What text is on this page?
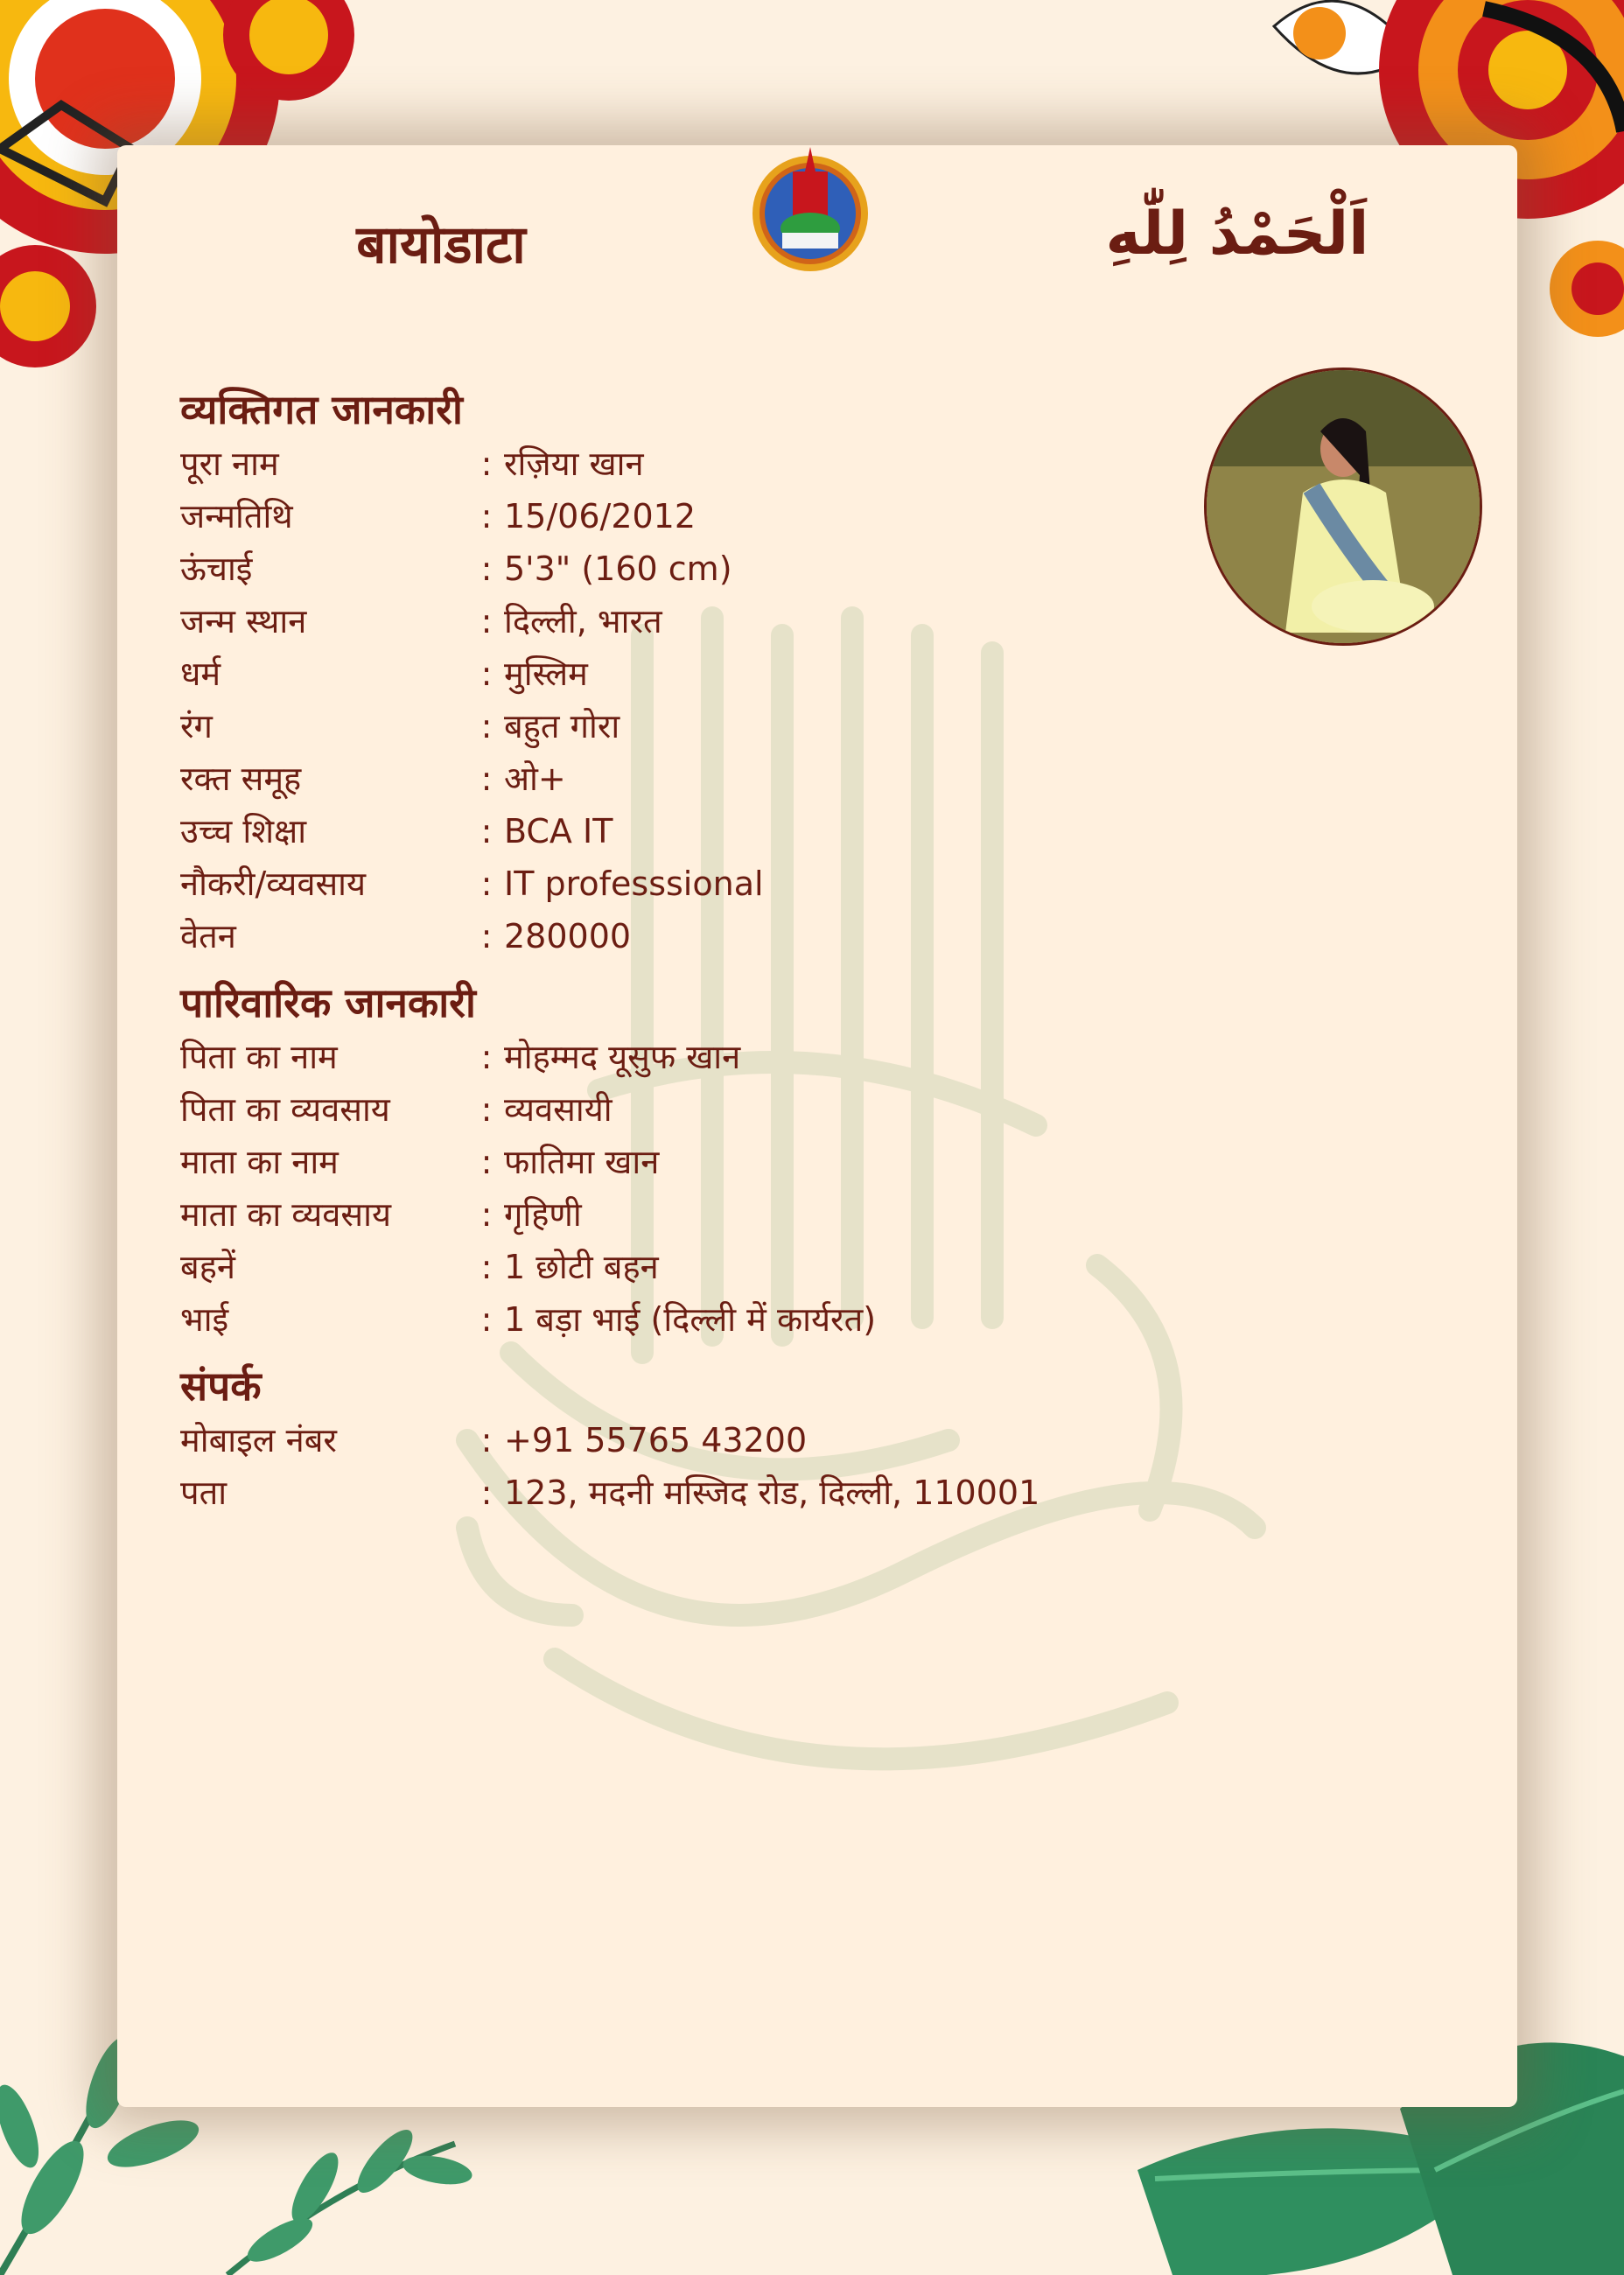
बायोडाटा	اَلْحَمْدُ لِلّٰهِ
व्यक्तिगत जानकारी
पूरा नाम	: रज़िया खान
जन्मतिथि	: 15/06/2012
ऊंचाई	: 5'3" (160 cm)
जन्म स्थान	: दिल्ली, भारत
धर्म	: मुस्लिम
रंग	: बहुत गोरा
रक्त समूह	: ओ+
उच्च शिक्षा	: BCA IT
नौकरी/व्यवसाय	: IT professsional
वेतन	: 280000
पारिवारिक जानकारी
पिता का नाम	: मोहम्मद यूसुफ खान
पिता का व्यवसाय	: व्यवसायी
माता का नाम	: फातिमा खान
माता का व्यवसाय	: गृहिणी
बहनें	: 1 छोटी बहन
भाई	: 1 बड़ा भाई (दिल्ली में कार्यरत)
संपर्क
मोबाइल नंबर	: +91 55765 43200
पता	: 123, मदनी मस्जिद रोड, दिल्ली, 110001
